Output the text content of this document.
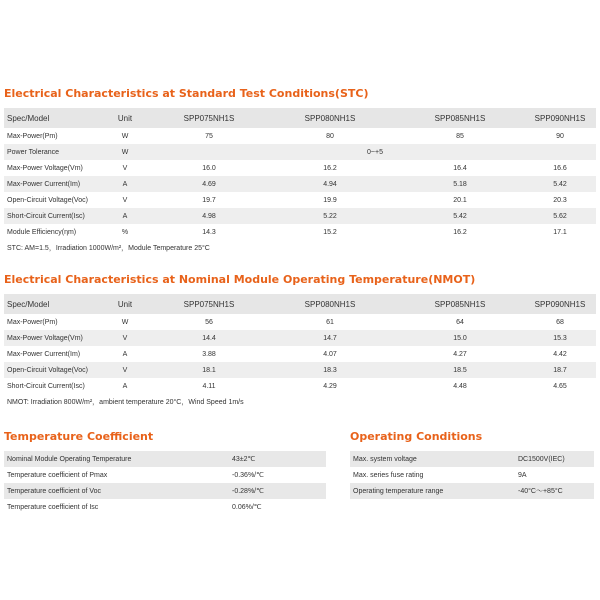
Electrical Characteristics at Standard Test Conditions(STC)
Spec/Model	Unit	SPP075NH1S	SPP080NH1S	SPP085NH1S	SPP090NH1S
Max-Power(Pm)	W	75	80	85	90
Power Tolerance	W	0~+5			
Max-Power Voltage(Vm)	V	16.0	16.2	16.4	16.6
Max-Power Current(Im)	A	4.69	4.94	5.18	5.42
Open-Circuit Voltage(Voc)	V	19.7	19.9	20.1	20.3
Short-Circuit Current(Isc)	A	4.98	5.22	5.42	5.62
Module Efficiency(ηm)	%	14.3	15.2	16.2	17.1
STC: AM=1.5，Irradiation 1000W/m²，Module Temperature 25°C					
Electrical Characteristics at Nominal Module Operating Temperature(NMOT)
Spec/Model	Unit	SPP075NH1S	SPP080NH1S	SPP085NH1S	SPP090NH1S
Max-Power(Pm)	W	56	61	64	68
Max-Power Voltage(Vm)	V	14.4	14.7	15.0	15.3
Max-Power Current(Im)	A	3.88	4.07	4.27	4.42
Open-Circuit Voltage(Voc)	V	18.1	18.3	18.5	18.7
Short-Circuit Current(Isc)	A	4.11	4.29	4.48	4.65
NMOT: Irradiation 800W/m²，ambient temperature 20°C，Wind Speed 1m/s					
Temperature Coefficient
Nominal Module Operating Temperature	43±2℃
Temperature coefficient of Pmax	-0.36%/℃
Temperature coefficient of Voc	-0.28%/℃
Temperature coefficient of Isc	0.06%/℃
Operating Conditions
Max. system voltage	DC1500V(IEC)
Max. series fuse rating	9A
Operating temperature range	-40°C～+85°C
